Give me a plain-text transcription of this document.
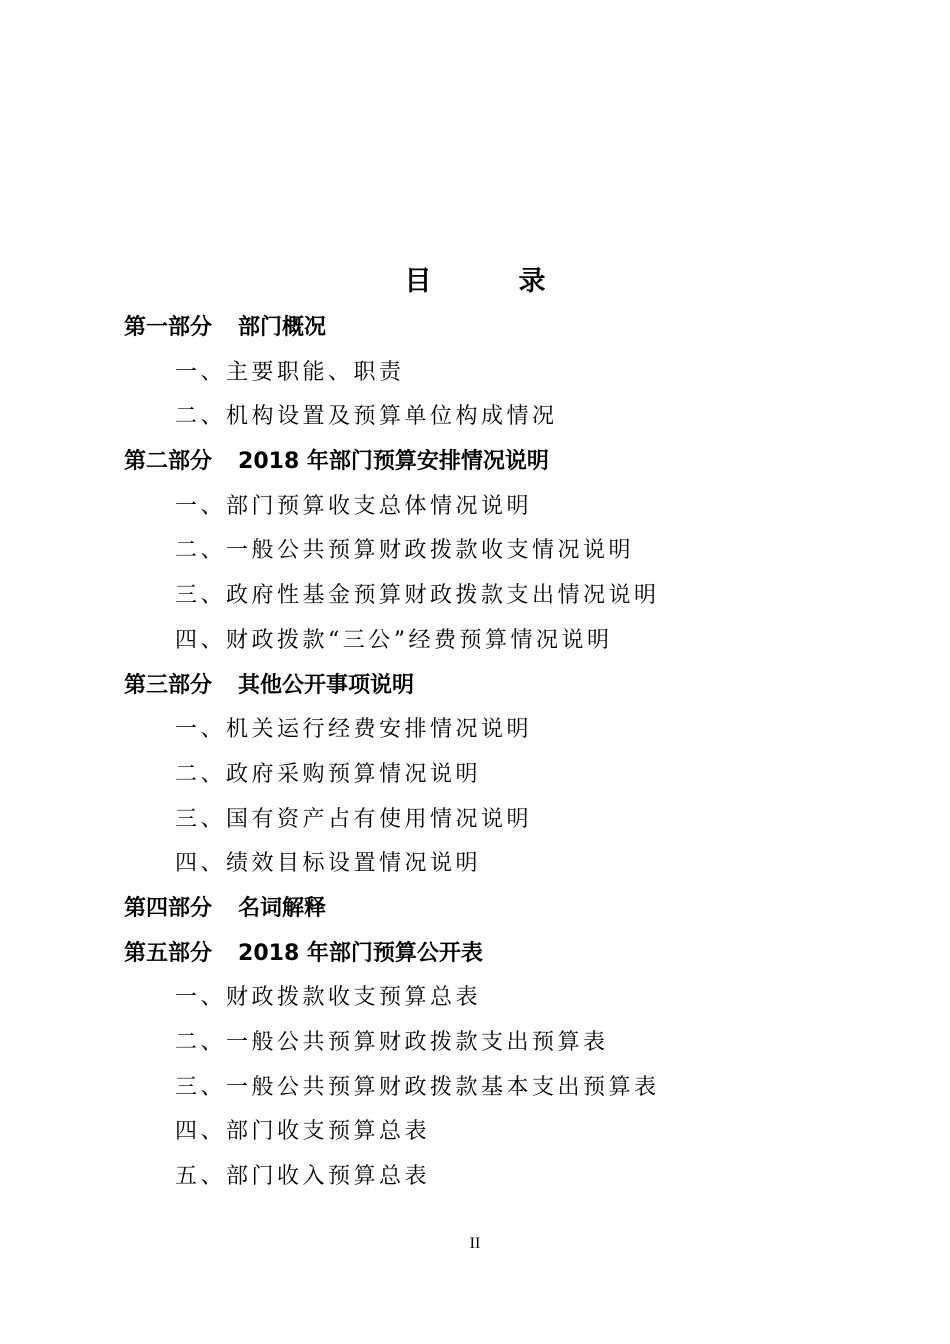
目　录
第一部分 部门概况
一、主要职能、职责
二、机构设置及预算单位构成情况
第二部分 2018 年部门预算安排情况说明
一、部门预算收支总体情况说明
二、一般公共预算财政拨款收支情况说明
三、政府性基金预算财政拨款支出情况说明
四、财政拨款“三公”经费预算情况说明
第三部分 其他公开事项说明
一、机关运行经费安排情况说明
二、政府采购预算情况说明
三、国有资产占有使用情况说明
四、绩效目标设置情况说明
第四部分 名词解释
第五部分 2018 年部门预算公开表
一、财政拨款收支预算总表
二、一般公共预算财政拨款支出预算表
三、一般公共预算财政拨款基本支出预算表
四、部门收支预算总表
五、部门收入预算总表
II
